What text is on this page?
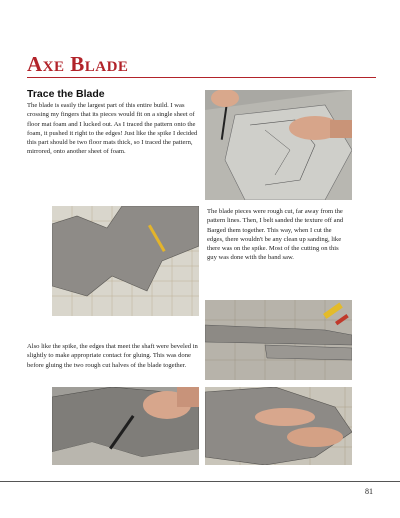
Axe Blade
Trace the Blade
The blade is easily the largest part of this entire build. I was crossing my fingers that its pieces would fit on a single sheet of floor mat foam and I lucked out. As I traced the pattern onto the foam, it pushed it right to the edges! Just like the spike I decided this part should be two floor mats thick, so I traced the pattern, mirrored, onto another sheet of foam.
The blade pieces were rough cut, far away from the pattern lines. Then, I belt sanded the texture off and Barged them together. This way, when I cut the edges, there wouldn't be any clean up sanding, like there was on the spike. Most of the cutting on this guy was done with the band saw.
Also like the spike, the edges that meet the shaft were beveled in slightly to make appropriate contact for gluing. This was done before gluing the two rough cut halves of the blade together.
81
